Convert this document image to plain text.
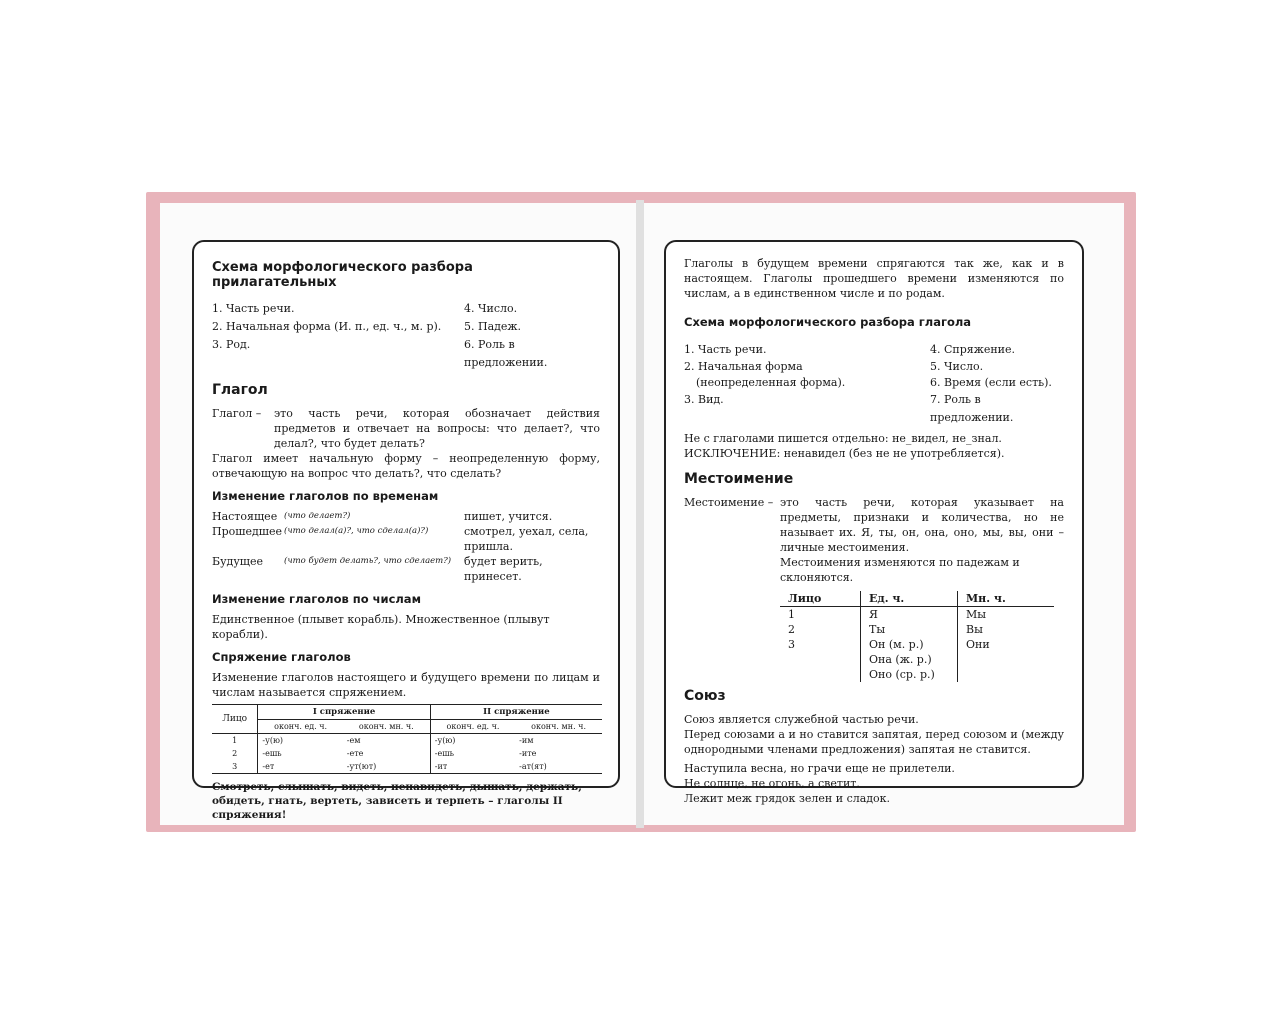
Схема морфологического разбора прилагательных
1. Часть речи.	4. Число.
2. Начальная форма (И. п., ед. ч., м. р). 5. Падеж.
3. Род.	6. Роль в предложении.
Глагол
Глагол –	это часть речи, которая обозначает действия предметов и отвечает на вопросы: что делает?, что делал?, что будет делать?

Глагол имеет начальную форму – неопределенную форму, отвечающую на вопрос что делать?, что сделать?

Изменение глаголов по временам
Настоящее (что делает?)	пишет, учится.
Прошедшее (что делал(а)?, что сделал(а)?)	смотрел, уехал, села, пришла.
Будущее	(что будет делать?, что сделает?)	будет верить, принесет.
Изменение глаголов по числам

Единственное (плывет корабль). Множественное (плывут корабли).

Спряжение глаголов

Изменение глаголов настоящего и будущего времени по лицам и числам называется спряжением.

Лицо	I спряжение		II спряжение	
	оконч. ед. ч.	оконч. мн. ч.	оконч. ед. ч.	оконч. мн. ч.
1	-у(ю)	-ем	-у(ю)	-им
2	-ешь	-ете	-ешь	-ите
3	-ет	-ут(ют)	-ит	-ат(ят)

Смотреть, слышать, видеть, ненавидеть, дышать, держать, обидеть, гнать, вертеть, зависеть и терпеть – глаголы II спряжения!

Глаголы в будущем времени спрягаются так же, как и в настоящем. Глаголы прошедшего времени изменяются по числам, а в единственном числе и по родам.

Схема морфологического разбора глагола
1. Часть речи.	4. Спряжение.
2. Начальная форма	5. Число.
(неопределенная форма).	6. Время (если есть).
3. Вид.	7. Роль в предложении.

Не с глаголами пишется отдельно: не_видел, не_знал.

ИСКЛЮЧЕНИЕ: ненавидел (без не не употребляется).

Местоимение
Местоимение – это часть речи, которая указывает на предметы, признаки и количества, но не называет их. Я, ты, он, она, оно, мы, вы, они – личные местоимения.

Местоимения изменяются по падежам и склоняются.

Лицо	Ед. ч.	Мн. ч.
1	Я	Мы
2	Ты	Вы
3	Он (м. р.)	Они
	Она (ж. р.)	
	Оно (ср. р.)	
Союз

Союз является служебной частью речи.

Перед союзами а и но ставится запятая, перед союзом и (между однородными членами предложения) запятая не ставится.

Наступила весна, но грачи еще не прилетели.

Не солнце, не огонь, а светит.

Лежит меж грядок зелен и сладок.
